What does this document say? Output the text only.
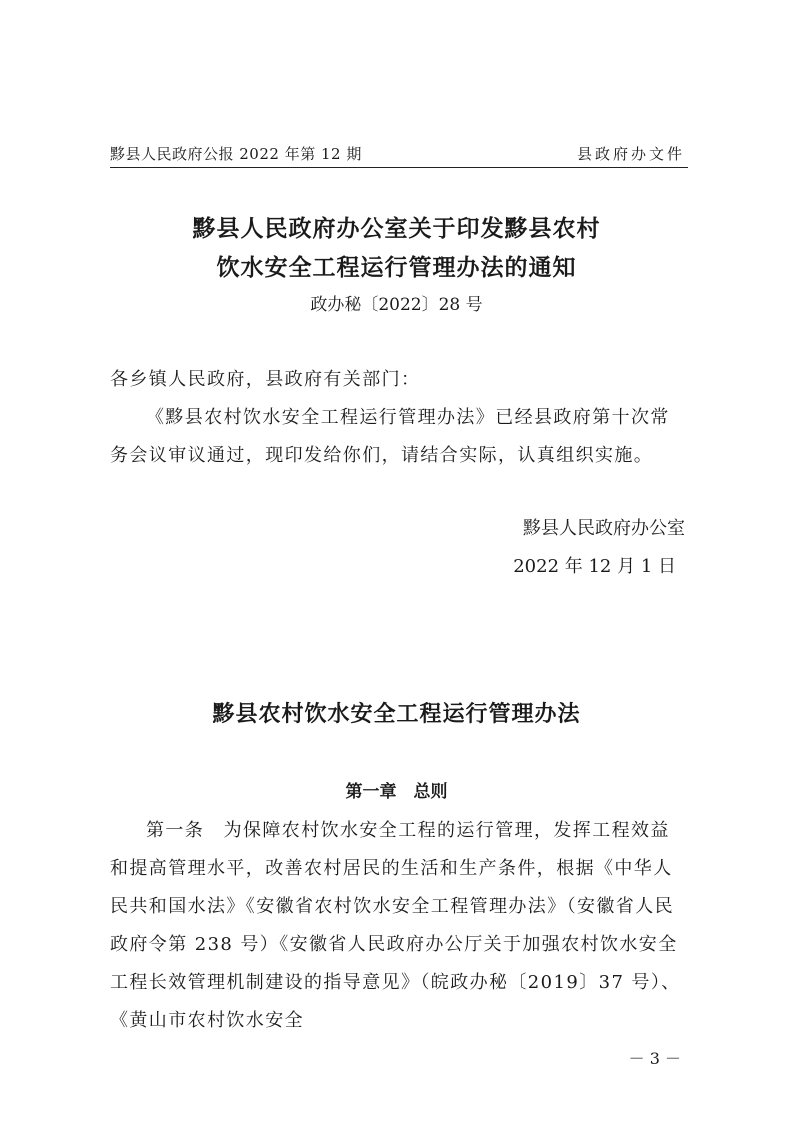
黟县人民政府公报 2022 年第 12 期	县政府办文件
黟县人民政府办公室关于印发黟县农村
饮水安全工程运行管理办法的通知
政办秘〔2022〕28 号
各乡镇人民政府，县政府有关部门：
《黟县农村饮水安全工程运行管理办法》已经县政府第十次常务会议审议通过，现印发给你们，请结合实际，认真组织实施。
黟县人民政府办公室
2022 年 12 月 1 日
黟县农村饮水安全工程运行管理办法
第一章　总则
第一条　 为保障农村饮水安全工程的运行管理，发挥工程效益和提高管理水平，改善农村居民的生活和生产条件，根据《中华人民共和国水法》《安徽省农村饮水安全工程管理办法》（安徽省人民政府令第 238 号）《安徽省人民政府办公厅关于加强农村饮水安全工程长效管理机制建设的指导意见》（皖政办秘〔2019〕37 号）、《黄山市农村饮水安全
－ 3 －
